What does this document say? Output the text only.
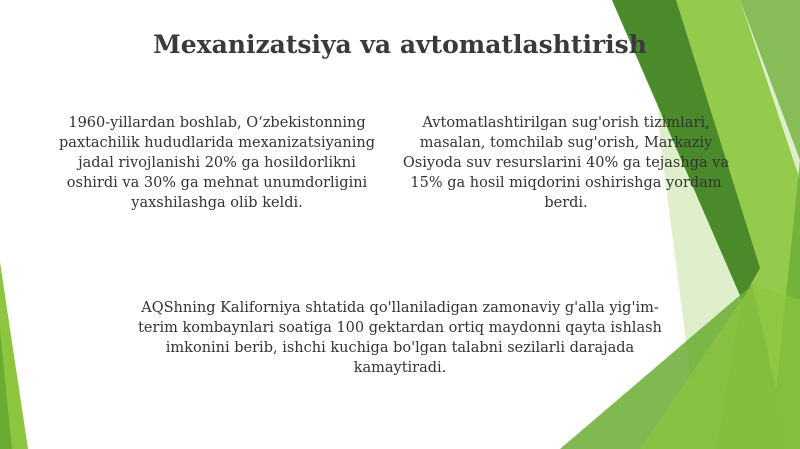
Mexanizatsiya va avtomatlashtirish

1960-yillardan boshlab, O‘zbekistonning paxtachilik hududlarida mexanizatsiyaning jadal rivojlanishi 20% ga hosildorlikni oshirdi va 30% ga mehnat unumdorligini yaxshilashga olib keldi.

Avtomatlashtirilgan sug'orish tizimlari, masalan, tomchilab sug'orish, Markaziy Osiyoda suv resurslarini 40% ga tejashga va 15% ga hosil miqdorini oshirishga yordam berdi.

AQShning Kaliforniya shtatida qo'llaniladigan zamonaviy g'alla yig'im-terim kombaynlari soatiga 100 gektardan ortiq maydonni qayta ishlash imkonini berib, ishchi kuchiga bo'lgan talabni sezilarli darajada kamaytiradi.
